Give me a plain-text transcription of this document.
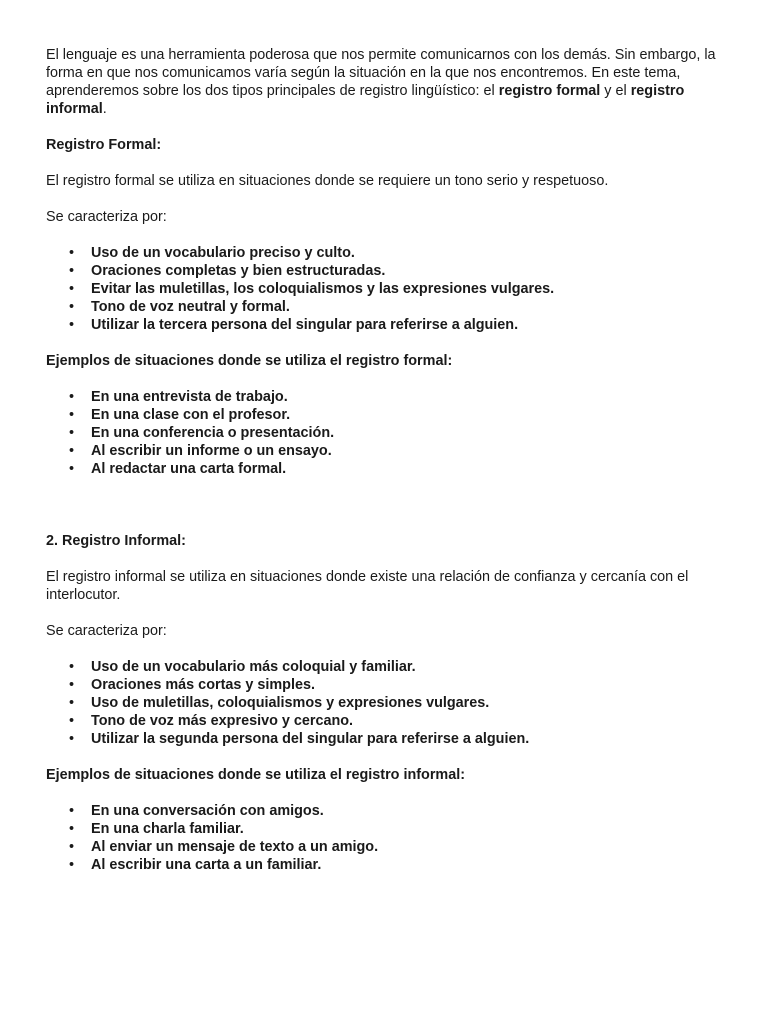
El lenguaje es una herramienta poderosa que nos permite comunicarnos con los demás. Sin embargo, la forma en que nos comunicamos varía según la situación en la que nos encontremos. En este tema, aprenderemos sobre los dos tipos principales de registro lingüístico: el registro formal y el registro informal.

Registro Formal:

El registro formal se utiliza en situaciones donde se requiere un tono serio y respetuoso.

Se caracteriza por:

• Uso de un vocabulario preciso y culto.
• Oraciones completas y bien estructuradas.
• Evitar las muletillas, los coloquialismos y las expresiones vulgares.
• Tono de voz neutral y formal.
• Utilizar la tercera persona del singular para referirse a alguien.

Ejemplos de situaciones donde se utiliza el registro formal:

• En una entrevista de trabajo.
• En una clase con el profesor.
• En una conferencia o presentación.
• Al escribir un informe o un ensayo.
• Al redactar una carta formal.

2. Registro Informal:

El registro informal se utiliza en situaciones donde existe una relación de confianza y cercanía con el interlocutor.

Se caracteriza por:

• Uso de un vocabulario más coloquial y familiar.
• Oraciones más cortas y simples.
• Uso de muletillas, coloquialismos y expresiones vulgares.
• Tono de voz más expresivo y cercano.
• Utilizar la segunda persona del singular para referirse a alguien.

Ejemplos de situaciones donde se utiliza el registro informal:

• En una conversación con amigos.
• En una charla familiar.
• Al enviar un mensaje de texto a un amigo.
• Al escribir una carta a un familiar.
